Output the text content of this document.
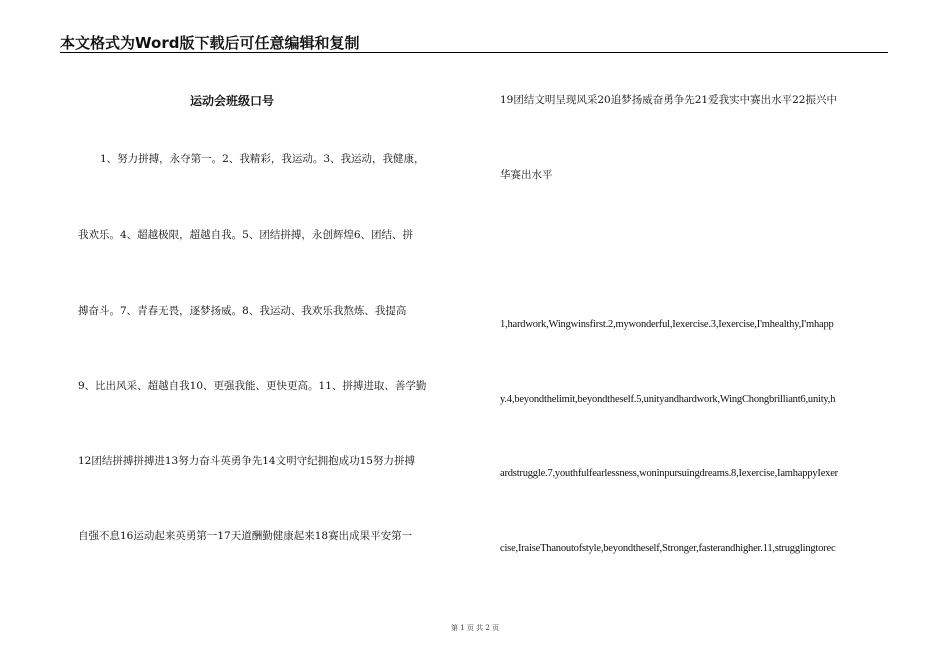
本文格式为Word版下载后可任意编辑和复制
运动会班级口号
1、努力拼搏，永夺第一。2、我精彩，我运动。3、我运动，我健康，
我欢乐。4、超越极限，超越自我。5、团结拼搏，永创辉煌6、团结、拼
搏奋斗。7、青春无畏，逐梦扬威。8、我运动、我欢乐我熬炼、我提高
9、比出风采、超越自我10、更强我能、更快更高。11、拼搏进取、善学勤
12团结拼搏拼搏进13努力奋斗英勇争先14文明守纪拥抱成功15努力拼搏
自强不息16运动起来英勇第一17天道酬勤健康起来18赛出成果平安第一
19团结文明呈现风采20追梦扬威奋勇争先21爱我实中赛出水平22振兴中
华赛出水平
1,hardwork,Wingwinsfirst.2,mywonderful,Iexercise.3,Iexercise,I'mhealthy,I'mhapp
y.4,beyondthelimit,beyondtheself.5,unityandhardwork,WingChongbrilliant6,unity,h
ardstruggle.7,youthfulfearlessness,woninpursuingdreams.8,Iexercise,IamhappyIexer
cise,IraiseThanoutofstyle,beyondtheself,Stronger,fasterandhigher.11,strugglingtorec
第 1 页 共 2 页
